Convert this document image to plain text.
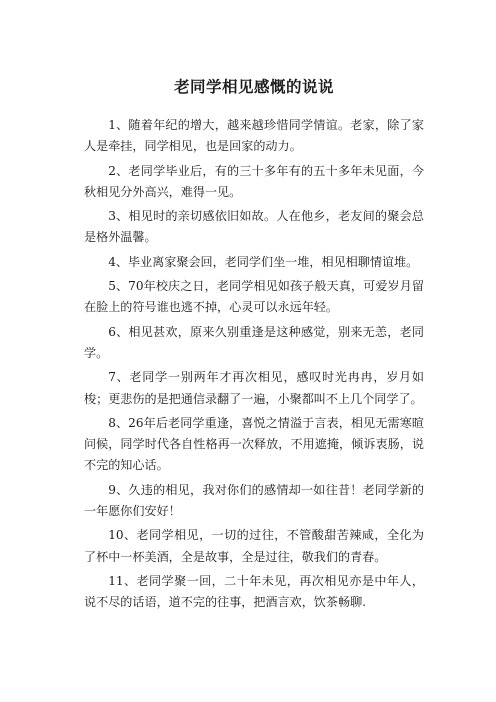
老同学相见感慨的说说

1、随着年纪的增大，越来越珍惜同学情谊。老家，除了家人是牵挂，同学相见，也是回家的动力。

2、老同学毕业后，有的三十多年有的五十多年未见面，今秋相见分外高兴，难得一见。

3、相见时的亲切感依旧如故。人在他乡，老友间的聚会总是格外温馨。

4、毕业离家聚会回，老同学们坐一堆，相见相聊情谊堆。

5、70年校庆之日，老同学相见如孩子般天真，可爱岁月留在脸上的符号谁也逃不掉，心灵可以永远年轻。

6、相见甚欢，原来久别重逢是这种感觉，别来无恙，老同学。

7、老同学一别两年才再次相见，感叹时光冉冉，岁月如梭；更悲伤的是把通信录翻了一遍，小聚都叫不上几个同学了。

8、26年后老同学重逢，喜悦之情溢于言表，相见无需寒暄问候，同学时代各自性格再一次释放，不用遮掩，倾诉衷肠，说不完的知心话。

9、久违的相见，我对你们的感情却一如往昔！老同学新的一年愿你们安好！

10、老同学相见，一切的过往，不管酸甜苦辣咸，全化为了杯中一杯美酒，全是故事，全是过往，敬我们的青春。

11、老同学聚一回，二十年未见，再次相见亦是中年人，说不尽的话语，道不完的往事，把酒言欢，饮茶畅聊.
